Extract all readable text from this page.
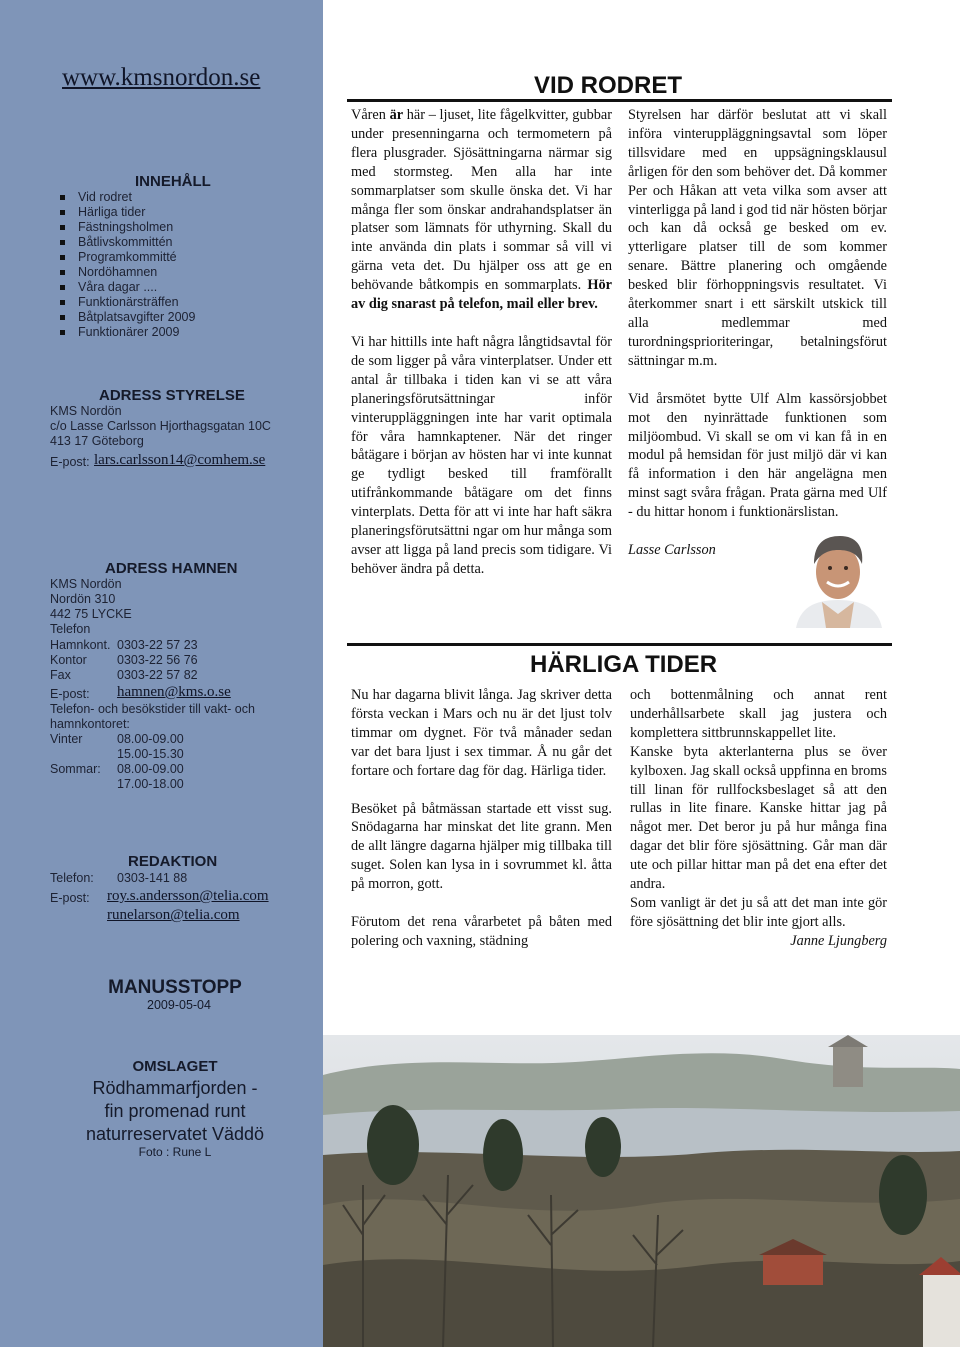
www.kmsnordon.se
INNEHÅLL
Vid rodret
Härliga tider
Fästningsholmen
Båtlivskommittén
Programkommitté
Nordöhamnen
Våra dagar ....
Funktionärsträffen
Båtplatsavgifter 2009
Funktionärer 2009
ADRESS STYRELSE
KMS Nordön
c/o Lasse Carlsson Hjorthagsgatan 10C
413 17 Göteborg
E-post: lars.carlsson14@comhem.se
ADRESS HAMNEN
KMS Nordön
Nordön 310
442 75 LYCKE
Telefon
Hamnkont. 0303-22 57 23
Kontor 0303-22 56 76
Fax	0303-22 57 82
E-post: hamnen@kms.o.se
Telefon- och besökstider till vakt- och
hamnkontoret:
Vinter	08.00-09.00
15.00-15.30
Sommar: 08.00-09.00
17.00-18.00
REDAKTION
Telefon: 0303-141 88
E-post: roy.s.andersson@telia.com
runelarson@telia.com
MANUSSTOPP
2009-05-04
OMSLAGET
Rödhammarfjorden -
fin promenad runt
naturreservatet Väddö
Foto : Rune L
VID RODRET

Våren är här – ljuset, lite fågelkvitter, gubbar under presenningarna och termometern på flera plusgrader. Sjösättningarna närmar sig med stormsteg. Men alla har inte sommarplatser som skulle önska det. Vi har många fler som önskar andrahandsplatser än platser som lämnats för uthyrning. Skall du inte använda din plats i sommar så vill vi gärna veta det. Du hjälper oss att ge en behövande båtkompis en sommarplats. Hör av dig snarast på telefon, mail eller brev.

Vi har hittills inte haft några långtidsavtal för de som ligger på våra vinterplatser. Under ett antal år tillbaka i tiden kan vi se att våra planeringsförutsättningar inför vinteruppläggningen inte har varit optimala för våra hamnkaptener. När det ringer båtägare i början av hösten har vi inte kunnat ge tydligt besked till framförallt utifrånkommande båtägare om det finns vinterplats. Detta för att vi inte har haft säkra planeringsförutsättni ngar om hur många som avser att ligga på land precis som tidigare. Vi behöver ändra på detta.

Styrelsen har därför beslutat att vi skall införa vinteruppläggningsavtal som löper tillsvidare med en uppsägningsklausul årligen för den som behöver det. Då kommer Per och Håkan att veta vilka som avser att vinterligga på land i god tid när hösten börjar och kan då också ge besked om ev. ytterligare platser till de som kommer senare. Bättre planering och omgående besked blir förhoppningsvis resultatet. Vi återkommer snart i ett särskilt utskick till alla medlemmar med turordningsprioriteringar, betalningsförut sättningar m.m.

Vid årsmötet bytte Ulf Alm kassörsjobbet mot den nyinrättade funktionen som miljöombud. Vi skall se om vi kan få in en modul på hemsidan för just miljö där vi kan få information i den här angelägna men minst sagt svåra frågan. Prata gärna med Ulf - du hittar honom i funktionärslistan.

Lasse Carlsson

HÄRLIGA TIDER

Nu har dagarna blivit långa. Jag skriver detta första veckan i Mars och nu är det ljust tolv timmar om dygnet. För två månader sedan var det bara ljust i sex timmar. Å nu går det fortare och fortare dag för dag. Härliga tider.

Besöket på båtmässan startade ett visst sug. Snödagarna har minskat det lite grann. Men de allt längre dagarna hjälper mig tillbaka till suget. Solen kan lysa in i sovrummet kl. åtta på morron, gott.

Förutom det rena vårarbetet på båten med polering och vaxning, städning

och bottenmålning och annat rent underhållsarbete skall jag justera och komplettera sittbrunnskappellet lite.

Kanske byta akterlanterna plus se över kylboxen. Jag skall också uppfinna en broms till linan för rullfocksbeslaget så att den rullas in lite finare. Kanske hittar jag på något mer. Det beror ju på hur många fina dagar det blir före sjösättning. Går man där ute och pillar hittar man på det ena efter det andra.

Som vanligt är det ju så att det man inte gör före sjösättning det blir inte gjort alls.

Janne Ljungberg
